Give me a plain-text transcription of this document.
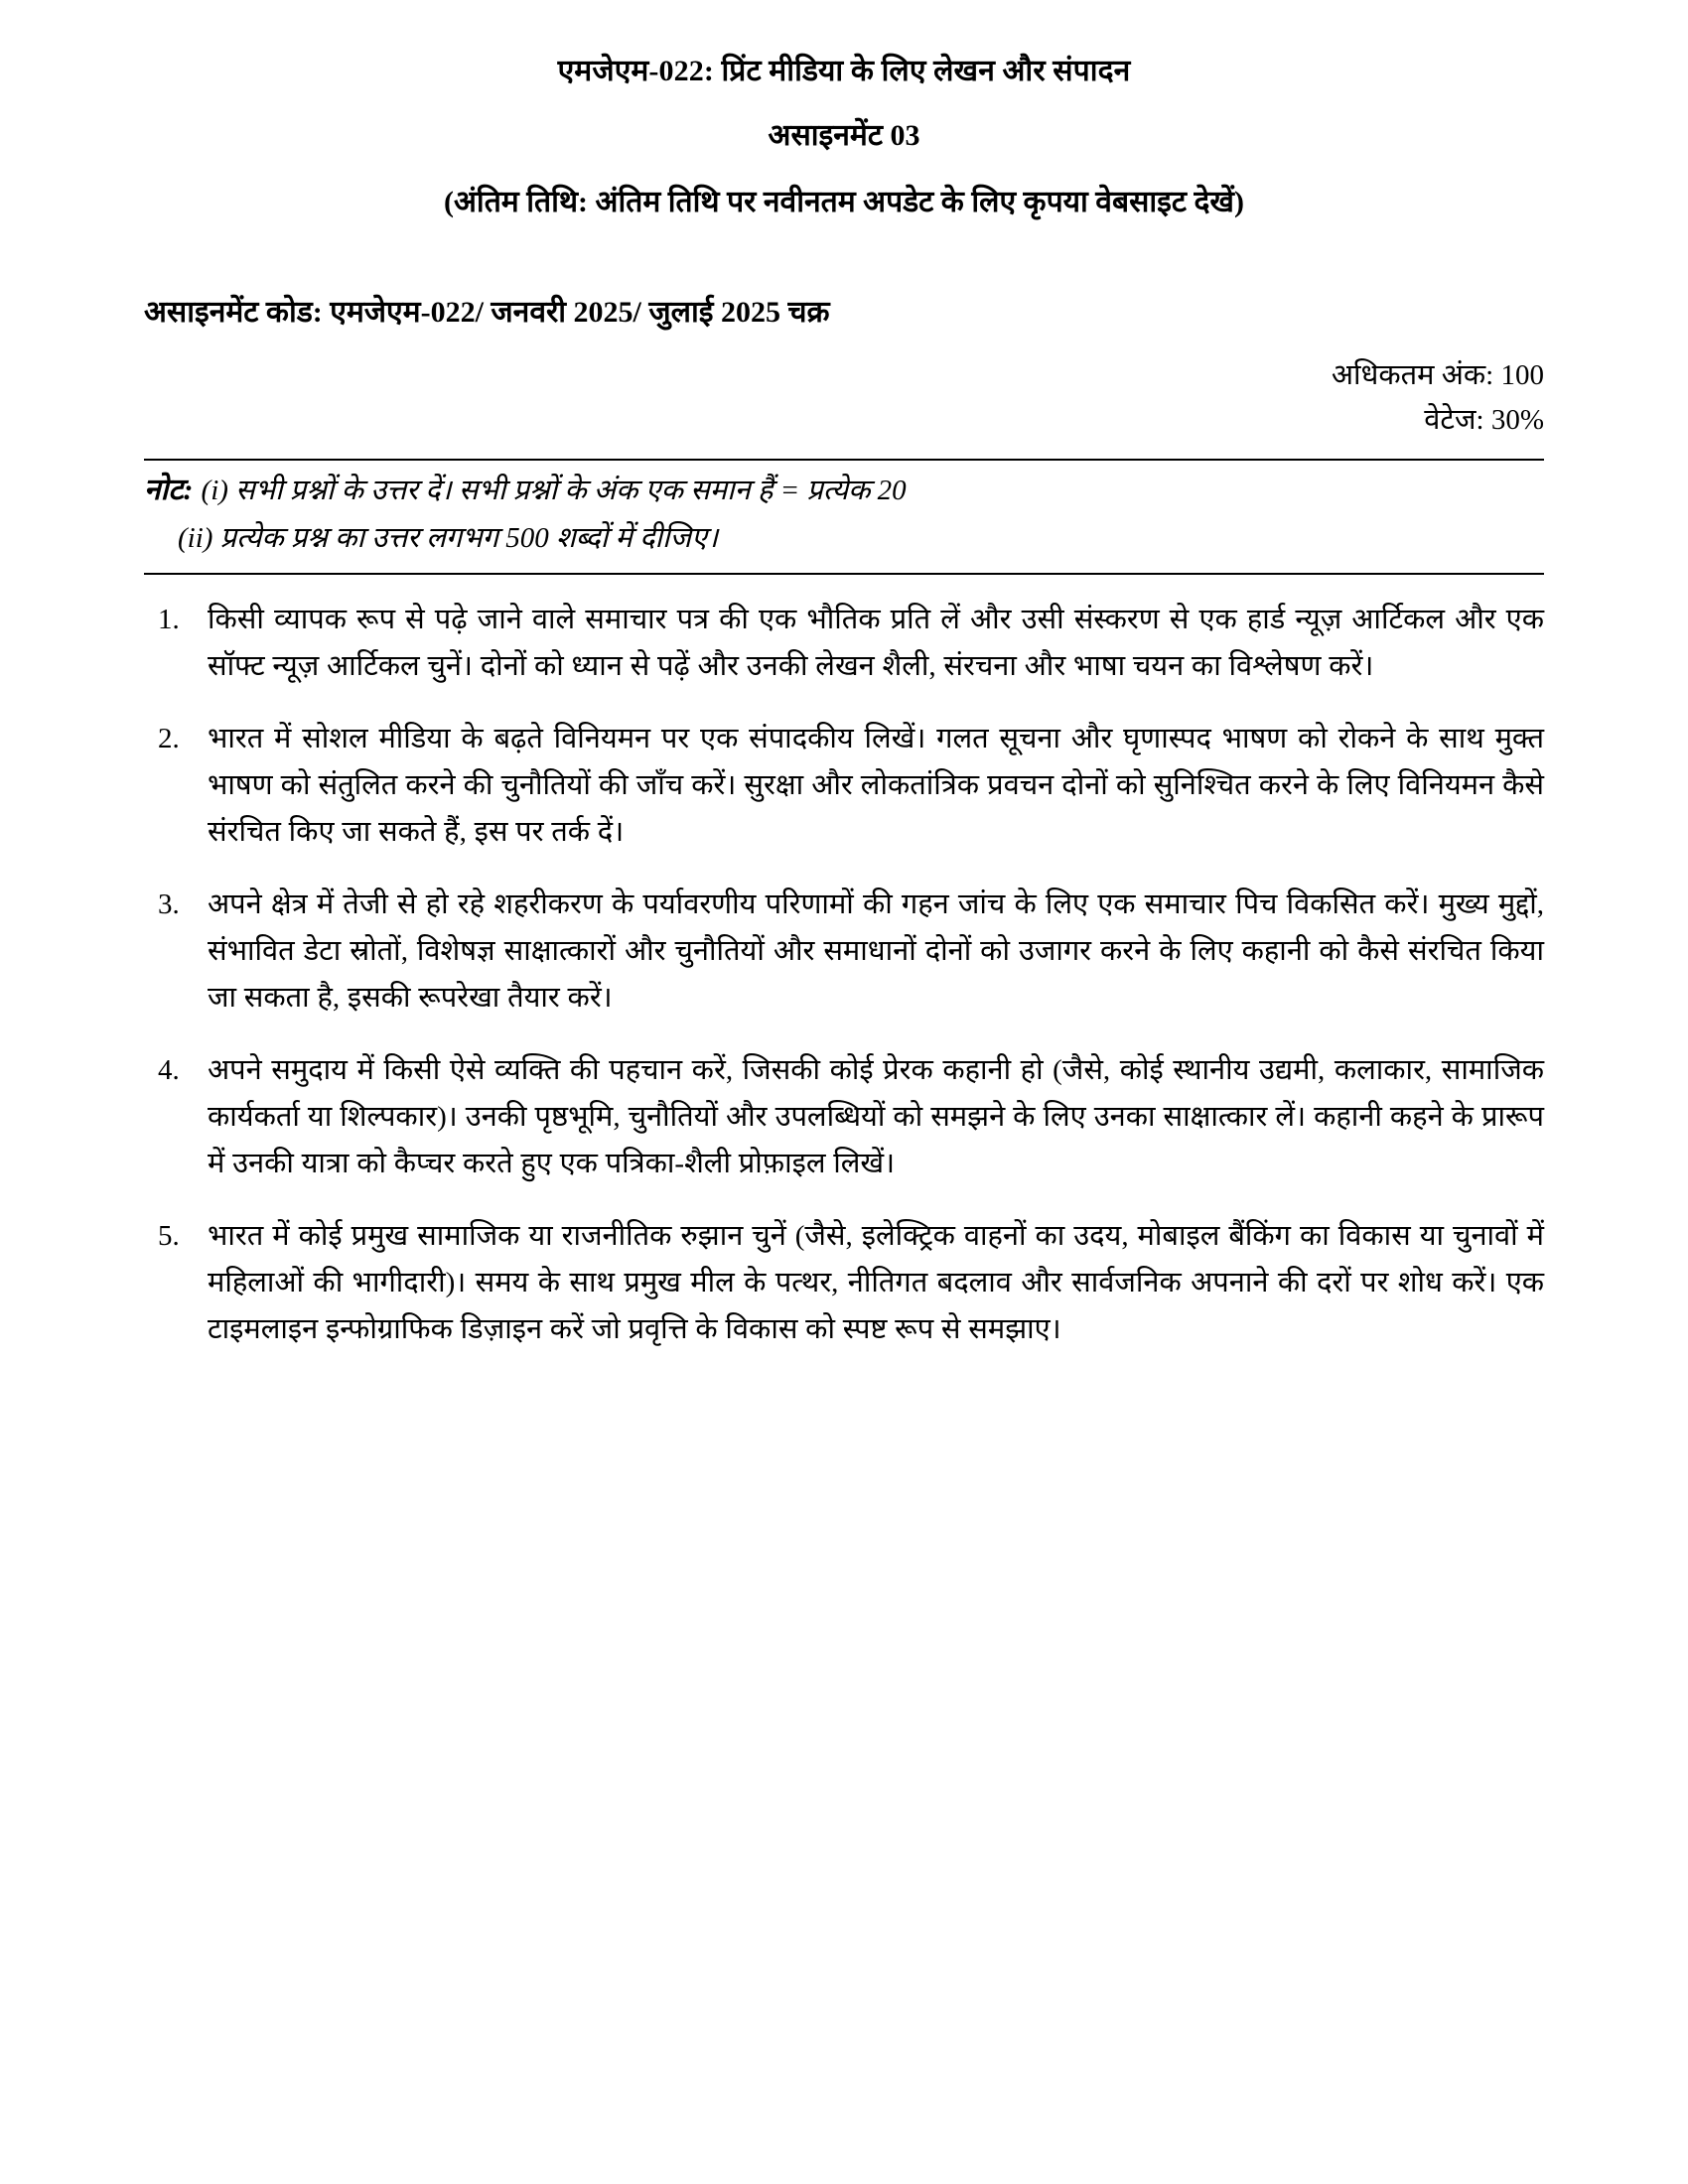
एमजेएम-022: प्रिंट मीडिया के लिए लेखन और संपादन
असाइनमेंट 03
(अंतिम तिथि: अंतिम तिथि पर नवीनतम अपडेट के लिए कृपया वेबसाइट देखें)
असाइनमेंट कोड: एमजेएम-022/ जनवरी 2025/ जुलाई 2025 चक्र
अधिकतम अंक: 100
वेटेज: 30%
नोट: (i) सभी प्रश्नों के उत्तर दें। सभी प्रश्नों के अंक एक समान हैं = प्रत्येक 20
(ii) प्रत्येक प्रश्न का उत्तर लगभग 500 शब्दों में दीजिए।
1. किसी व्यापक रूप से पढ़े जाने वाले समाचार पत्र की एक भौतिक प्रति लें और उसी संस्करण से एक हार्ड न्यूज़ आर्टिकल और एक सॉफ्ट न्यूज़ आर्टिकल चुनें। दोनों को ध्यान से पढ़ें और उनकी लेखन शैली, संरचना और भाषा चयन का विश्लेषण करें।
2. भारत में सोशल मीडिया के बढ़ते विनियमन पर एक संपादकीय लिखें। गलत सूचना और घृणास्पद भाषण को रोकने के साथ मुक्त भाषण को संतुलित करने की चुनौतियों की जाँच करें। सुरक्षा और लोकतांत्रिक प्रवचन दोनों को सुनिश्चित करने के लिए विनियमन कैसे संरचित किए जा सकते हैं, इस पर तर्क दें।
3. अपने क्षेत्र में तेजी से हो रहे शहरीकरण के पर्यावरणीय परिणामों की गहन जांच के लिए एक समाचार पिच विकसित करें। मुख्य मुद्दों, संभावित डेटा स्रोतों, विशेषज्ञ साक्षात्कारों और चुनौतियों और समाधानों दोनों को उजागर करने के लिए कहानी को कैसे संरचित किया जा सकता है, इसकी रूपरेखा तैयार करें।
4. अपने समुदाय में किसी ऐसे व्यक्ति की पहचान करें, जिसकी कोई प्रेरक कहानी हो (जैसे, कोई स्थानीय उद्यमी, कलाकार, सामाजिक कार्यकर्ता या शिल्पकार)। उनकी पृष्ठभूमि, चुनौतियों और उपलब्धियों को समझने के लिए उनका साक्षात्कार लें। कहानी कहने के प्रारूप में उनकी यात्रा को कैप्चर करते हुए एक पत्रिका-शैली प्रोफ़ाइल लिखें।
5. भारत में कोई प्रमुख सामाजिक या राजनीतिक रुझान चुनें (जैसे, इलेक्ट्रिक वाहनों का उदय, मोबाइल बैंकिंग का विकास या चुनावों में महिलाओं की भागीदारी)। समय के साथ प्रमुख मील के पत्थर, नीतिगत बदलाव और सार्वजनिक अपनाने की दरों पर शोध करें। एक टाइमलाइन इन्फोग्राफिक डिज़ाइन करें जो प्रवृत्ति के विकास को स्पष्ट रूप से समझाए।
